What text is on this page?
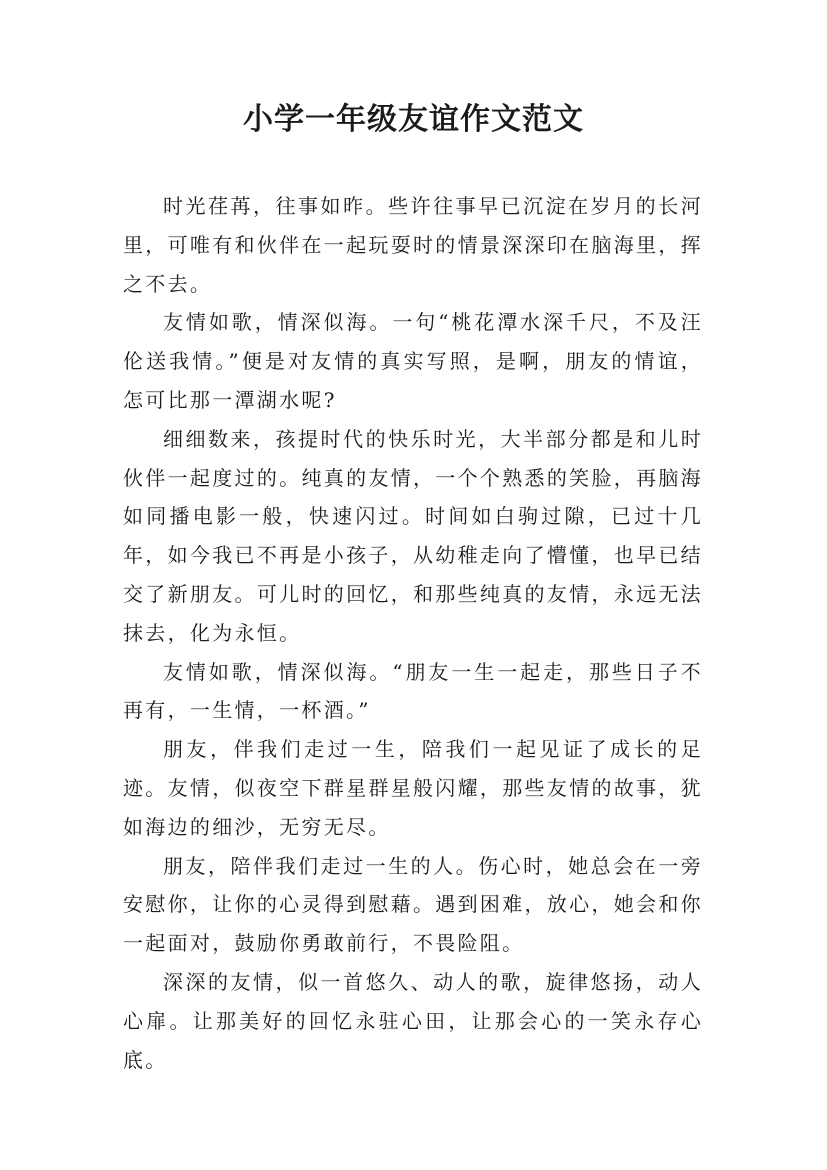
小学一年级友谊作文范文

时光荏苒，往事如昨。些许往事早已沉淀在岁月的长河里，可唯有和伙伴在一起玩耍时的情景深深印在脑海里，挥之不去。

友情如歌，情深似海。一句“桃花潭水深千尺，不及汪伦送我情。”便是对友情的真实写照，是啊，朋友的情谊，怎可比那一潭湖水呢?

细细数来，孩提时代的快乐时光，大半部分都是和儿时伙伴一起度过的。纯真的友情，一个个熟悉的笑脸，再脑海如同播电影一般，快速闪过。时间如白驹过隙，已过十几年，如今我已不再是小孩子，从幼稚走向了懵懂，也早已结交了新朋友。可儿时的回忆，和那些纯真的友情，永远无法抹去，化为永恒。

友情如歌，情深似海。“朋友一生一起走，那些日子不再有，一生情，一杯酒。”

朋友，伴我们走过一生，陪我们一起见证了成长的足迹。友情，似夜空下群星群星般闪耀，那些友情的故事，犹如海边的细沙，无穷无尽。

朋友，陪伴我们走过一生的人。伤心时，她总会在一旁安慰你，让你的心灵得到慰藉。遇到困难，放心，她会和你一起面对，鼓励你勇敢前行，不畏险阻。

深深的友情，似一首悠久、动人的歌，旋律悠扬，动人心扉。让那美好的回忆永驻心田，让那会心的一笑永存心底。
